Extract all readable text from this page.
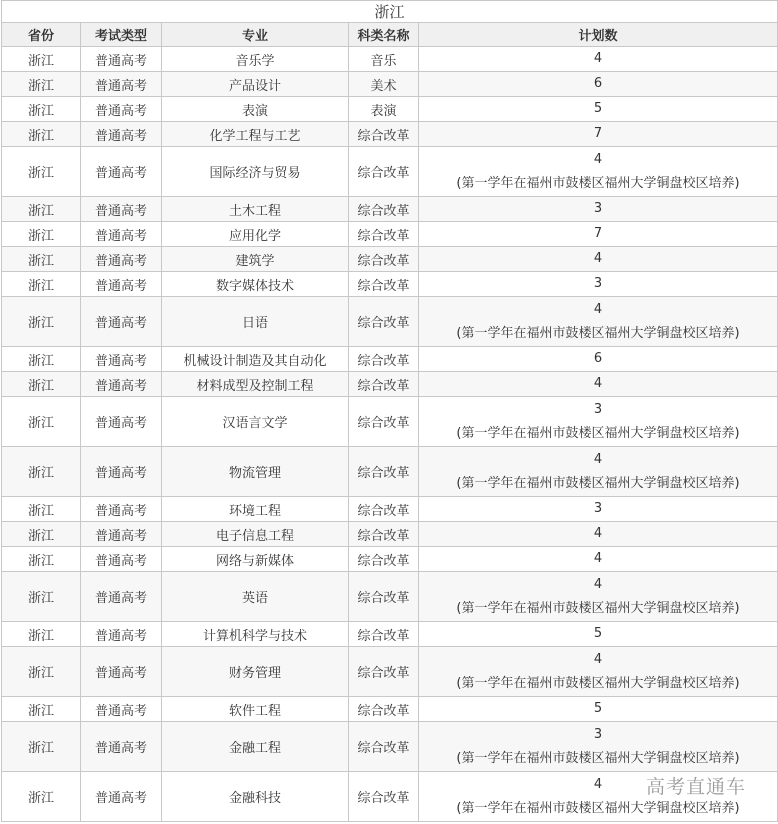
浙江				
省份	考试类型	专业	科类名称	计划数
浙江	普通高考	音乐学	音乐	4

浙江	普通高考	产品设计	美术	6

浙江	普通高考	表演	表演	5

浙江	普通高考	化学工程与工艺	综合改革	7

浙江	普通高考	国际经济与贸易	综合改革	4
(第一学年在福州市鼓楼区福州大学铜盘校区培养)

浙江	普通高考	土木工程	综合改革	3

浙江	普通高考	应用化学	综合改革	7

浙江	普通高考	建筑学	综合改革	4

浙江	普通高考	数字媒体技术	综合改革	3

浙江	普通高考	日语	综合改革	4
(第一学年在福州市鼓楼区福州大学铜盘校区培养)

浙江	普通高考	机械设计制造及其自动化	综合改革	6

浙江	普通高考	材料成型及控制工程	综合改革	4

浙江	普通高考	汉语言文学	综合改革	3
(第一学年在福州市鼓楼区福州大学铜盘校区培养)

浙江	普通高考	物流管理	综合改革	4
(第一学年在福州市鼓楼区福州大学铜盘校区培养)

浙江	普通高考	环境工程	综合改革	3

浙江	普通高考	电子信息工程	综合改革	4

浙江	普通高考	网络与新媒体	综合改革	4

浙江	普通高考	英语	综合改革	4
(第一学年在福州市鼓楼区福州大学铜盘校区培养)

浙江	普通高考	计算机科学与技术	综合改革	5

浙江	普通高考	财务管理	综合改革	4
(第一学年在福州市鼓楼区福州大学铜盘校区培养)

浙江	普通高考	软件工程	综合改革	5

浙江	普通高考	金融工程	综合改革	3
(第一学年在福州市鼓楼区福州大学铜盘校区培养)

浙江	普通高考	金融科技	综合改革	4
(第一学年在福州市鼓楼区福州大学铜盘校区培养)
高考直通车
